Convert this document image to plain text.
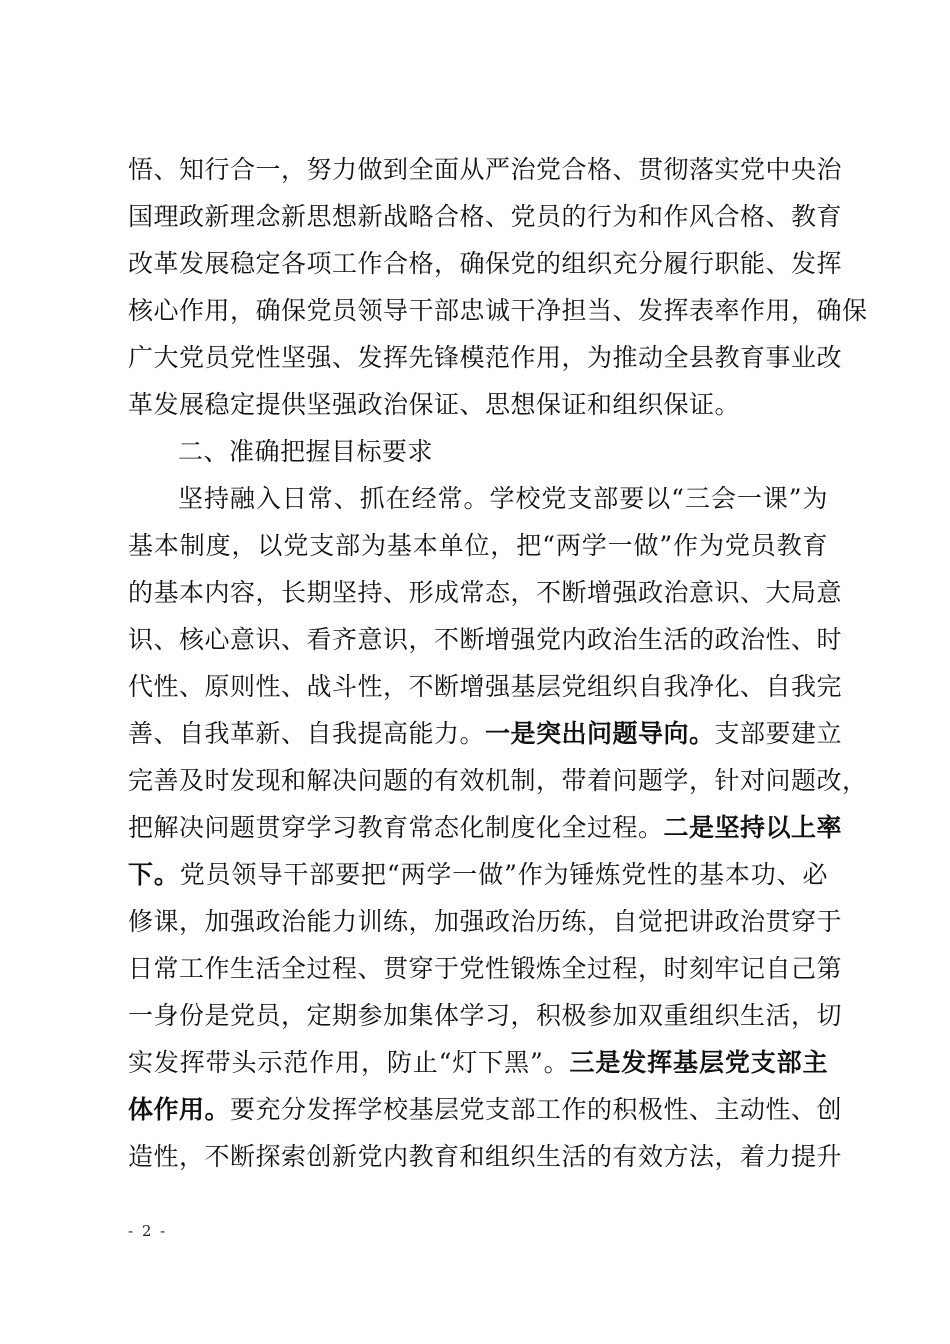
悟、知行合一，努力做到全面从严治党合格、贯彻落实党中央治
国理政新理念新思想新战略合格、党员的行为和作风合格、教育
改革发展稳定各项工作合格，确保党的组织充分履行职能、发挥
核心作用，确保党员领导干部忠诚干净担当、发挥表率作用，确保
广大党员党性坚强、发挥先锋模范作用，为推动全县教育事业改
革发展稳定提供坚强政治保证、思想保证和组织保证。
二、准确把握目标要求
坚持融入日常、抓在经常。学校党支部要以“三会一课”为
基本制度，以党支部为基本单位，把“两学一做”作为党员教育
的基本内容，长期坚持、形成常态，不断增强政治意识、大局意
识、核心意识、看齐意识，不断增强党内政治生活的政治性、时
代性、原则性、战斗性，不断增强基层党组织自我净化、自我完
善、自我革新、自我提高能力。一是突出问题导向。支部要建立
完善及时发现和解决问题的有效机制，带着问题学，针对问题改，
把解决问题贯穿学习教育常态化制度化全过程。二是坚持以上率
下。党员领导干部要把“两学一做”作为锤炼党性的基本功、必
修课，加强政治能力训练，加强政治历练，自觉把讲政治贯穿于
日常工作生活全过程、贯穿于党性锻炼全过程，时刻牢记自己第
一身份是党员，定期参加集体学习，积极参加双重组织生活，切
实发挥带头示范作用，防止“灯下黑”。三是发挥基层党支部主
体作用。要充分发挥学校基层党支部工作的积极性、主动性、创
造性，不断探索创新党内教育和组织生活的有效方法，着力提升
- 2 -
